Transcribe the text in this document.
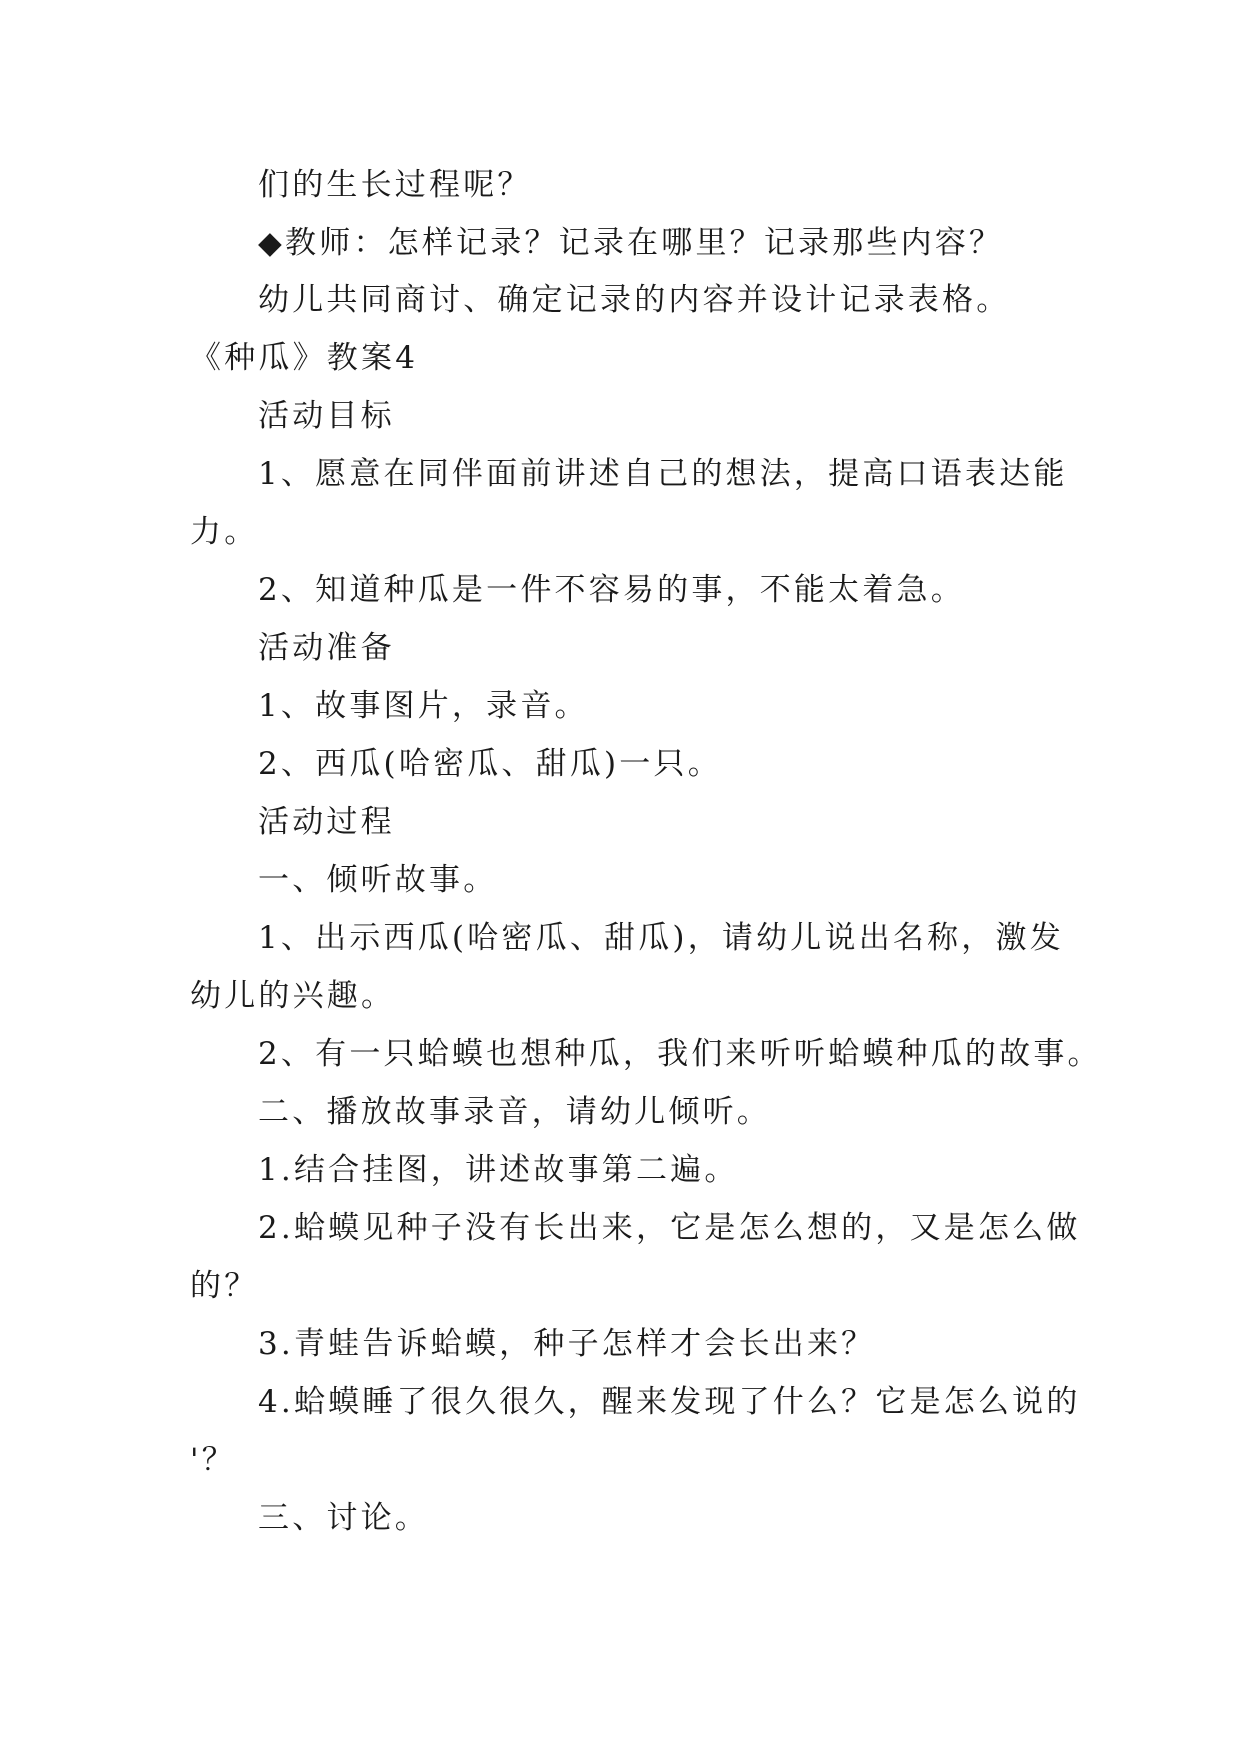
们的生长过程呢？
◆教师：怎样记录？记录在哪里？记录那些内容？
幼儿共同商讨、确定记录的内容并设计记录表格。
《种瓜》教案4
活动目标
1、愿意在同伴面前讲述自己的想法，提高口语表达能
力。
2、知道种瓜是一件不容易的事，不能太着急。
活动准备
1、故事图片，录音。
2、西瓜(哈密瓜、甜瓜)一只。
活动过程
一、倾听故事。
1、出示西瓜(哈密瓜、甜瓜)，请幼儿说出名称，激发
幼儿的兴趣。
2、有一只蛤蟆也想种瓜，我们来听听蛤蟆种瓜的故事。
二、播放故事录音，请幼儿倾听。
1.结合挂图，讲述故事第二遍。
2.蛤蟆见种子没有长出来，它是怎么想的，又是怎么做
的？
3.青蛙告诉蛤蟆，种子怎样才会长出来？
4.蛤蟆睡了很久很久，醒来发现了什么？它是怎么说的
'？
三、讨论。
